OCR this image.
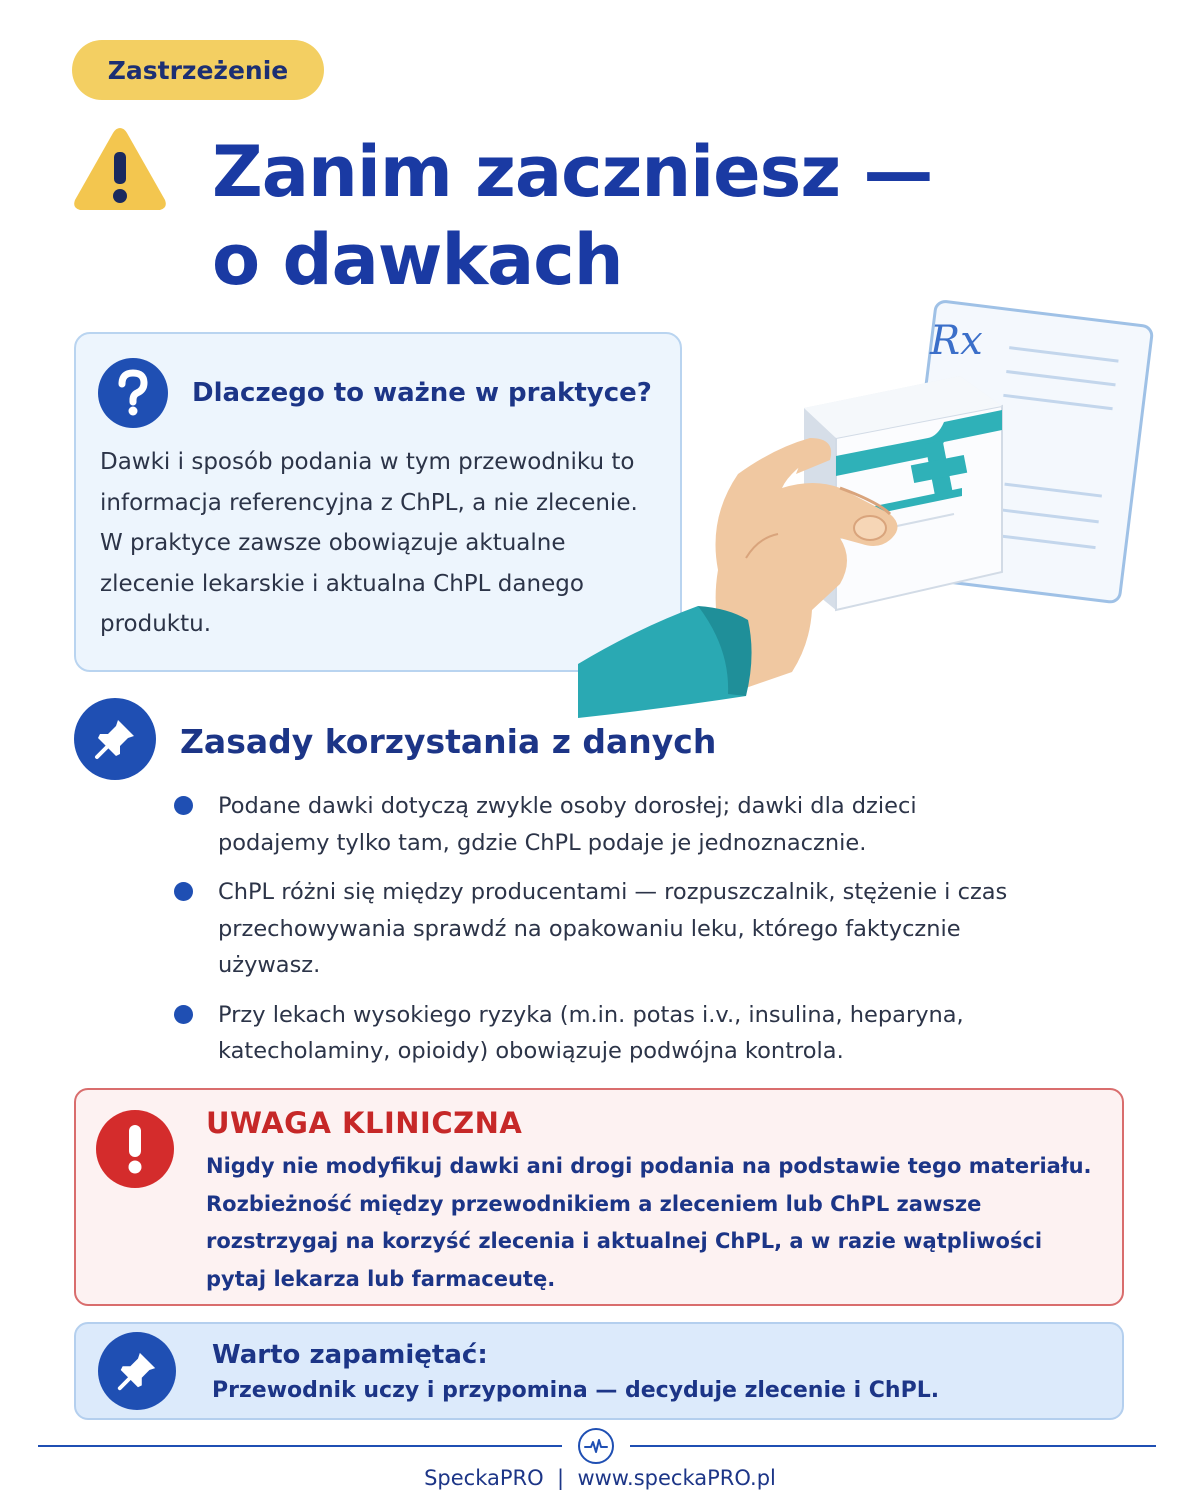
Zastrzeżenie
Zanim zaczniesz —
o dawkach
Dlaczego to ważne w praktyce?
Dawki i sposób podania w tym przewodniku to informacja referencyjna z ChPL, a nie zlecenie. W praktyce zawsze obowiązuje aktualne zlecenie lekarskie i aktualna ChPL danego produktu.
Rx
Zasady korzystania z danych
Podane dawki dotyczą zwykle osoby dorosłej; dawki dla dzieci podajemy tylko tam, gdzie ChPL podaje je jednoznacznie.
ChPL różni się między producentami — rozpuszczalnik, stężenie i czas przechowywania sprawdź na opakowaniu leku, którego faktycznie używasz.
Przy lekach wysokiego ryzyka (m.in. potas i.v., insulina, heparyna, katecholaminy, opioidy) obowiązuje podwójna kontrola.
UWAGA KLINICZNA
Nigdy nie modyfikuj dawki ani drogi podania na podstawie tego materiału. Rozbieżność między przewodnikiem a zleceniem lub ChPL zawsze rozstrzygaj na korzyść zlecenia i aktualnej ChPL, a w razie wątpliwości pytaj lekarza lub farmaceutę.
Warto zapamiętać:
Przewodnik uczy i przypomina — decyduje zlecenie i ChPL.
SpeckaPRO  |  www.speckaPRO.pl
